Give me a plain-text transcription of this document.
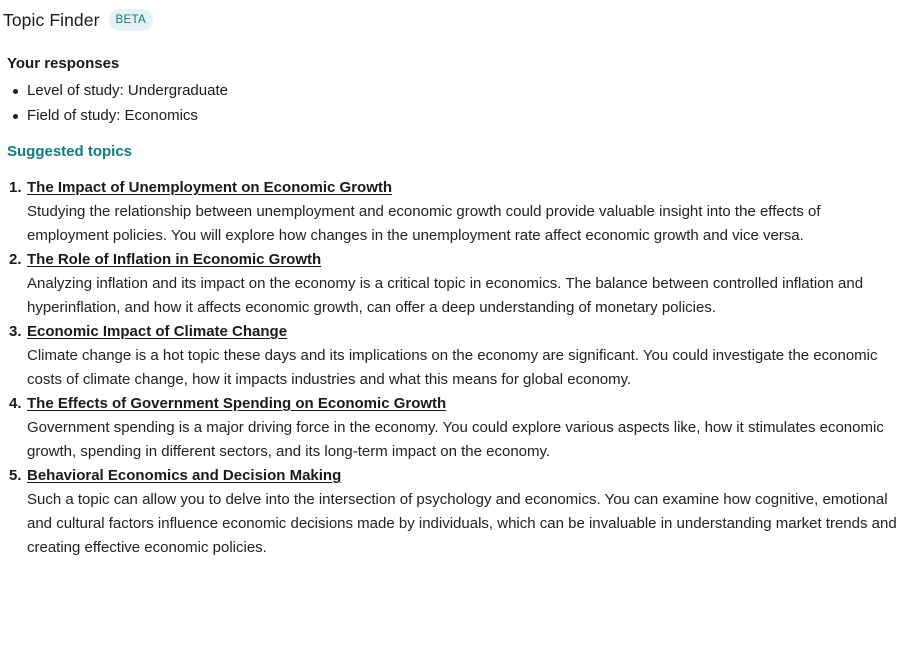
Topic Finder	BETA
Your responses
Level of study: Undergraduate
Field of study: Economics
Suggested topics
1. The Impact of Unemployment on Economic Growth
Studying the relationship between unemployment and economic growth could provide valuable insight into the effects of employment policies. You will explore how changes in the unemployment rate affect economic growth and vice versa.
2. The Role of Inflation in Economic Growth
Analyzing inflation and its impact on the economy is a critical topic in economics. The balance between controlled inflation and hyperinflation, and how it affects economic growth, can offer a deep understanding of monetary policies.
3. Economic Impact of Climate Change
Climate change is a hot topic these days and its implications on the economy are significant. You could investigate the economic costs of climate change, how it impacts industries and what this means for global economy.
4. The Effects of Government Spending on Economic Growth
Government spending is a major driving force in the economy. You could explore various aspects like, how it stimulates economic growth, spending in different sectors, and its long-term impact on the economy.
5. Behavioral Economics and Decision Making
Such a topic can allow you to delve into the intersection of psychology and economics. You can examine how cognitive, emotional and cultural factors influence economic decisions made by individuals, which can be invaluable in understanding market trends and creating effective economic policies.
